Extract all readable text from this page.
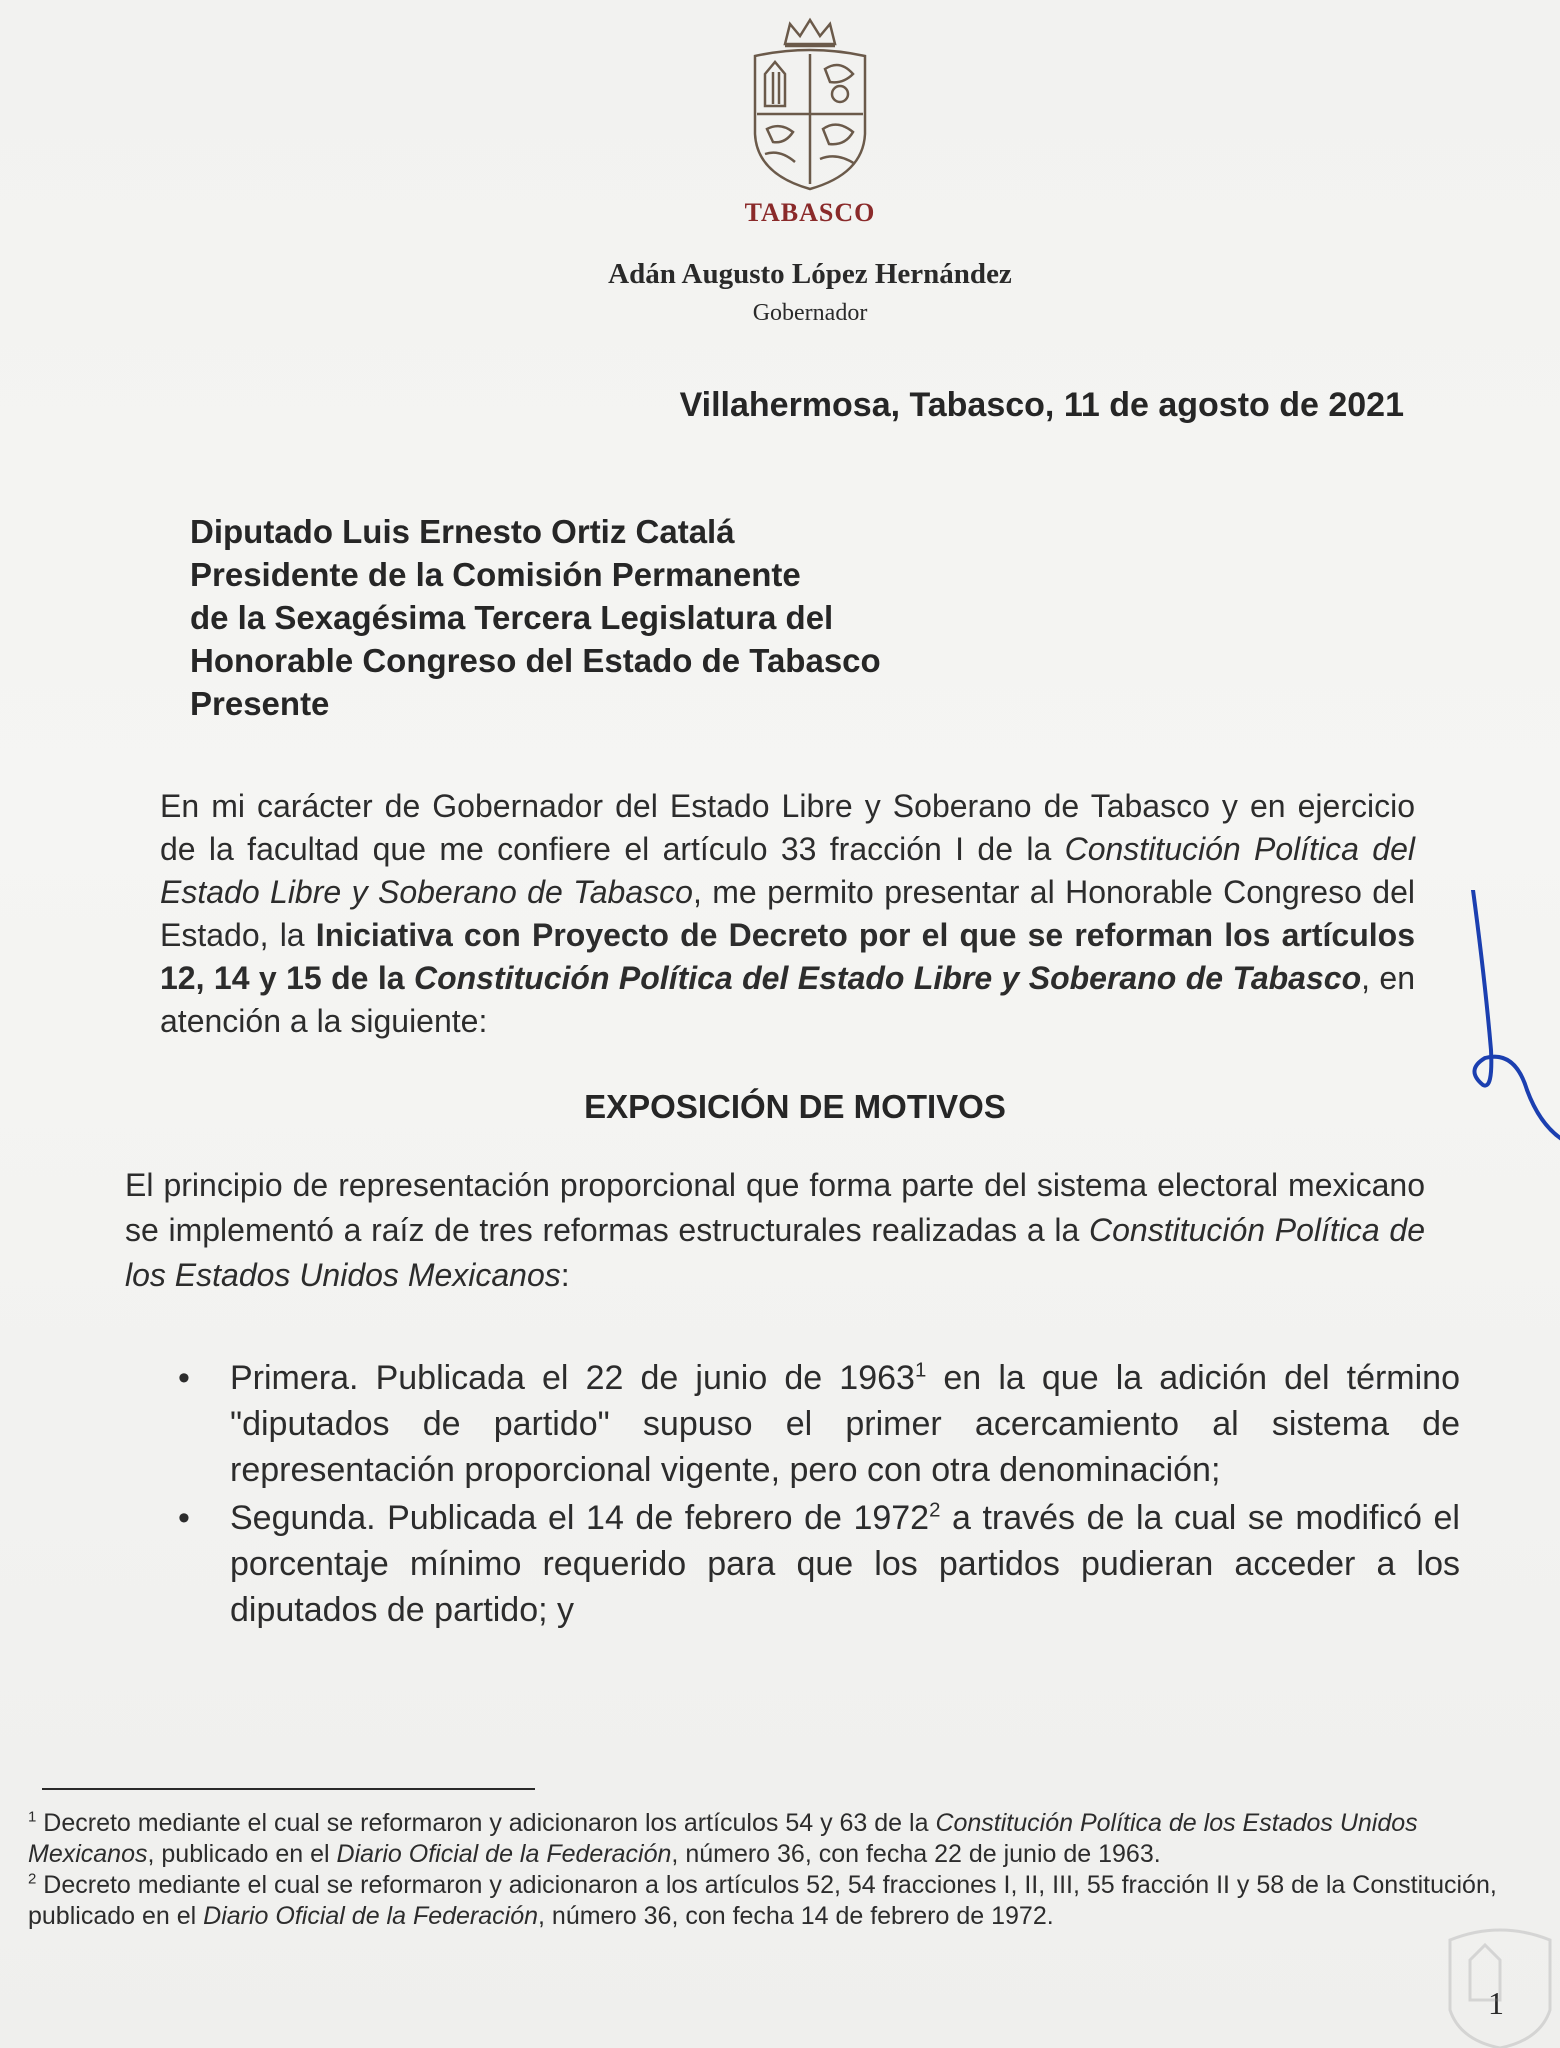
TABASCO
Adán Augusto López Hernández
Gobernador
Villahermosa, Tabasco, 11 de agosto de 2021
Diputado Luis Ernesto Ortiz Catalá
Presidente de la Comisión Permanente
de la Sexagésima Tercera Legislatura del
Honorable Congreso del Estado de Tabasco
Presente
En mi carácter de Gobernador del Estado Libre y Soberano de Tabasco y en ejercicio de la facultad que me confiere el artículo 33 fracción I de la Constitución Política del Estado Libre y Soberano de Tabasco, me permito presentar al Honorable Congreso del Estado, la Iniciativa con Proyecto de Decreto por el que se reforman los artículos 12, 14 y 15 de la Constitución Política del Estado Libre y Soberano de Tabasco, en atención a la siguiente:
EXPOSICIÓN DE MOTIVOS
El principio de representación proporcional que forma parte del sistema electoral mexicano se implementó a raíz de tres reformas estructurales realizadas a la Constitución Política de los Estados Unidos Mexicanos:
• Primera. Publicada el 22 de junio de 1963$^1$ en la que la adición del término "diputados de partido" supuso el primer acercamiento al sistema de representación proporcional vigente, pero con otra denominación;
• Segunda. Publicada el 14 de febrero de 1972$^2$ a través de la cual se modificó el porcentaje mínimo requerido para que los partidos pudieran acceder a los diputados de partido; y

$^1$ Decreto mediante el cual se reformaron y adicionaron los artículos 54 y 63 de la Constitución Política de los Estados Unidos Mexicanos, publicado en el Diario Oficial de la Federación, número 36, con fecha 22 de junio de 1963.

$^2$ Decreto mediante el cual se reformaron y adicionaron a los artículos 52, 54 fracciones I, II, III, 55 fracción II y 58 de la Constitución, publicado en el Diario Oficial de la Federación, número 36, con fecha 14 de febrero de 1972.

1
